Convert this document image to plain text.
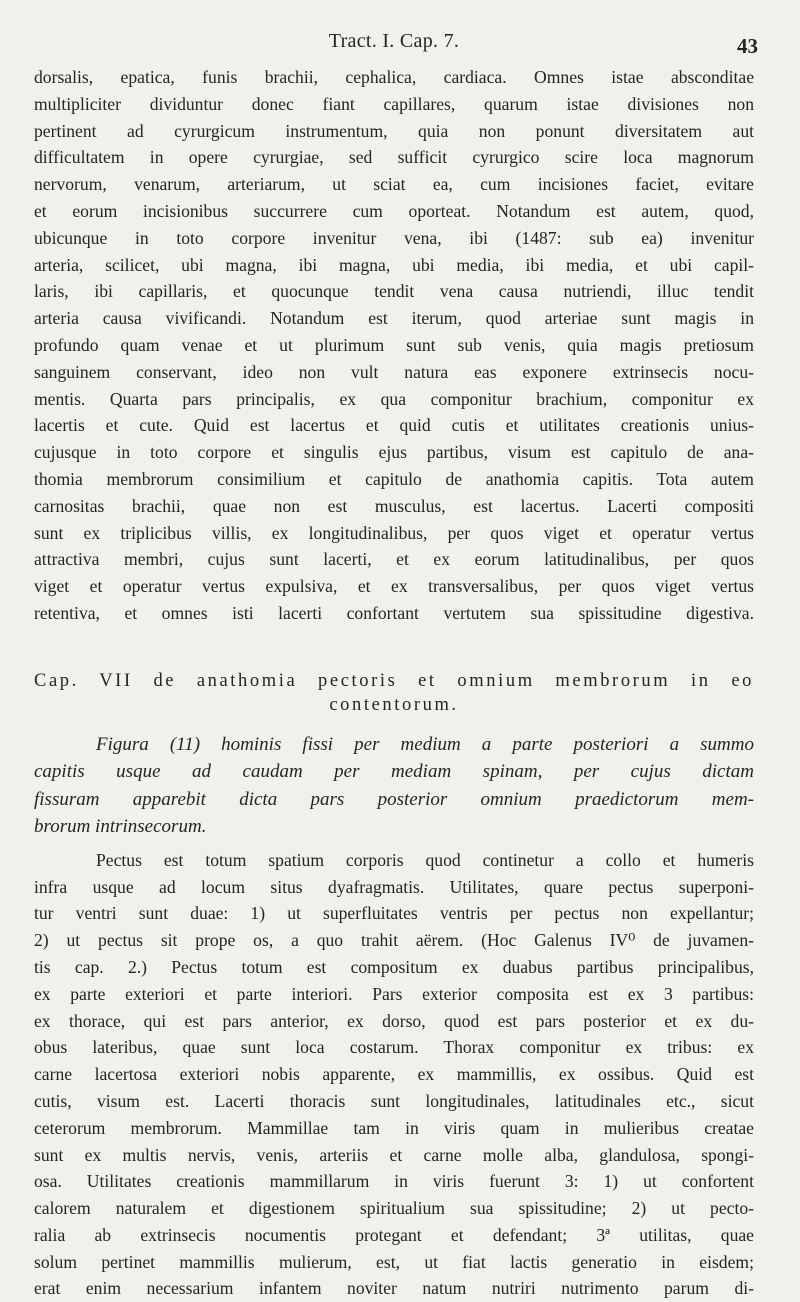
Tract. I. Cap. 7.	43
dorsalis, epatica, funis brachii, cephalica, cardiaca. Omnes istae absconditae
multipliciter dividuntur donec fiant capillares, quarum istae divisiones non
pertinent ad cyrurgicum instrumentum, quia non ponunt diversitatem aut
difficultatem in opere cyrurgiae, sed sufficit cyrurgico scire loca magnorum
nervorum, venarum, arteriarum, ut sciat ea, cum incisiones faciet, evitare
et eorum incisionibus succurrere cum oporteat. Notandum est autem, quod,
ubicunque in toto corpore invenitur vena, ibi (1487: sub ea) invenitur
arteria, scilicet, ubi magna, ibi magna, ubi media, ibi media, et ubi capil-
laris, ibi capillaris, et quocunque tendit vena causa nutriendi, illuc tendit
arteria causa vivificandi. Notandum est iterum, quod arteriae sunt magis in
profundo quam venae et ut plurimum sunt sub venis, quia magis pretiosum
sanguinem conservant, ideo non vult natura eas exponere extrinsecis nocu-
mentis. Quarta pars principalis, ex qua componitur brachium, componitur ex
lacertis et cute. Quid est lacertus et quid cutis et utilitates creationis unius-
cujusque in toto corpore et singulis ejus partibus, visum est capitulo de ana-
thomia membrorum consimilium et capitulo de anathomia capitis. Tota autem
carnositas brachii, quae non est musculus, est lacertus. Lacerti compositi
sunt ex triplicibus villis, ex longitudinalibus, per quos viget et operatur vertus
attractiva membri, cujus sunt lacerti, et ex eorum latitudinalibus, per quos
viget et operatur vertus expulsiva, et ex transversalibus, per quos viget vertus
retentiva, et omnes isti lacerti confortant vertutem sua spissitudine digestiva.
Cap. VII de anathomia pectoris et omnium membrorum in eo
contentorum.
Figura (11) hominis fissi per medium a parte posteriori a summo
capitis usque ad caudam per mediam spinam, per cujus dictam
fissuram apparebit dicta pars posterior omnium praedictorum mem-
brorum intrinsecorum.
Pectus est totum spatium corporis quod continetur a collo et humeris
infra usque ad locum situs dyafragmatis. Utilitates, quare pectus superponi-
tur ventri sunt duae: 1) ut superfluitates ventris per pectus non expellantur;
2) ut pectus sit prope os, a quo trahit aërem. (Hoc Galenus IV⁰ de juvamen-
tis cap. 2.) Pectus totum est compositum ex duabus partibus principalibus,
ex parte exteriori et parte interiori. Pars exterior composita est ex 3 partibus:
ex thorace, qui est pars anterior, ex dorso, quod est pars posterior et ex du-
obus lateribus, quae sunt loca costarum. Thorax componitur ex tribus: ex
carne lacertosa exteriori nobis apparente, ex mammillis, ex ossibus. Quid est
cutis, visum est. Lacerti thoracis sunt longitudinales, latitudinales etc., sicut
ceterorum membrorum. Mammillae tam in viris quam in mulieribus creatae
sunt ex multis nervis, venis, arteriis et carne molle alba, glandulosa, spongi-
osa. Utilitates creationis mammillarum in viris fuerunt 3: 1) ut confortent
calorem naturalem et digestionem spiritualium sua spissitudine; 2) ut pecto-
ralia ab extrinsecis nocumentis protegant et defendant; 3ª utilitas, quae
solum pertinet mammillis mulierum, est, ut fiat lactis generatio in eisdem;
erat enim necessarium infantem noviter natum nutriri nutrimento parum di-
